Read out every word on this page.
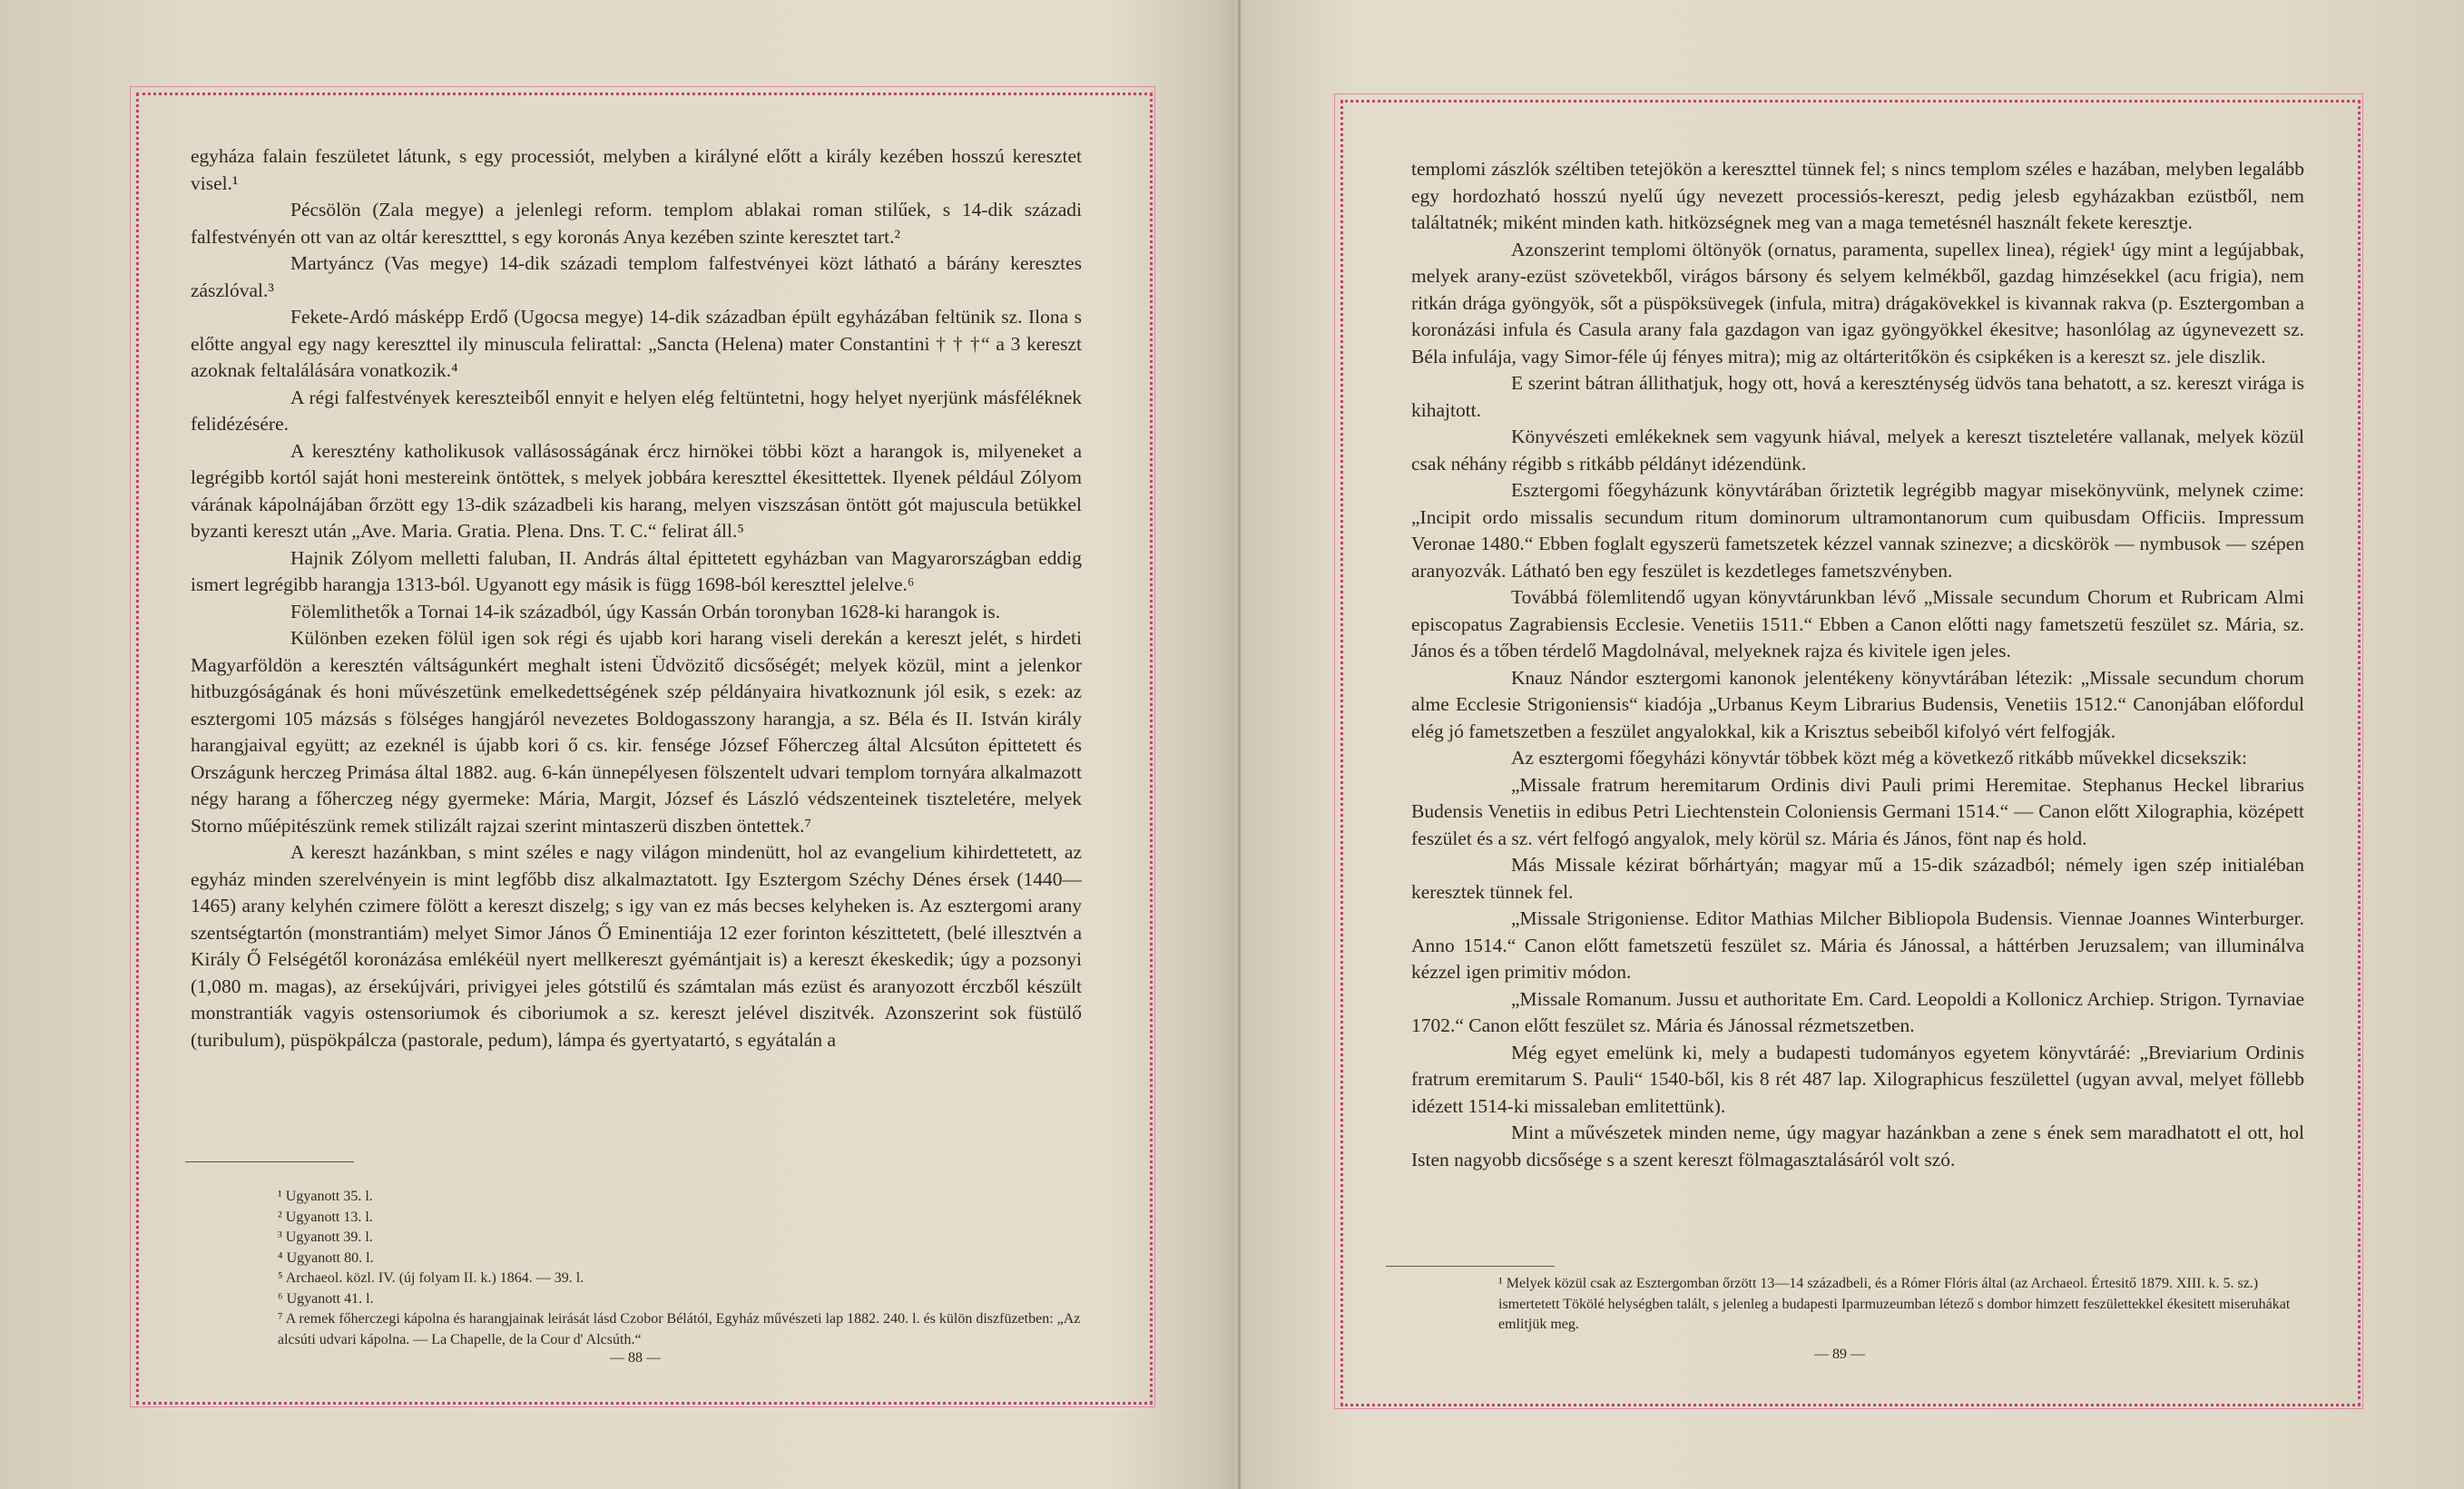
egyháza falain feszületet látunk, s egy processiót, melyben a királyné előtt a király kezében hosszú keresztet visel.¹

Pécsölön (Zala megye) a jelenlegi reform. templom ablakai roman stilűek, s 14-dik századi falfestvényén ott van az oltár keresztttel, s egy koronás Anya kezében szinte keresztet tart.²

Martyáncz (Vas megye) 14-dik századi templom falfestvényei közt látható a bárány keresztes zászlóval.³

Fekete-Ardó másképp Erdő (Ugocsa megye) 14-dik században épült egyházában feltünik sz. Ilona s előtte angyal egy nagy kereszttel ily minuscula felirattal: „Sancta (Helena) mater Constantini † † †“ a 3 kereszt azoknak feltalálására vonatkozik.⁴

A régi falfestvények kereszteiből ennyit e helyen elég feltüntetni, hogy helyet nyerjünk másféléknek felidézésére.

A keresztény katholikusok vallásosságának ércz hirnökei többi közt a harangok is, milyeneket a legrégibb kortól saját honi mestereink öntöttek, s melyek jobbára kereszttel ékesittettek. Ilyenek például Zólyom várának kápolnájában őrzött egy 13-dik századbeli kis harang, melyen viszszásan öntött gót majuscula betükkel byzanti kereszt után „Ave. Maria. Gratia. Plena. Dns. T. C.“ felirat áll.⁵

Hajnik Zólyom melletti faluban, II. András által épittetett egyházban van Magyarországban eddig ismert legrégibb harangja 1313-ból. Ugyanott egy másik is függ 1698-ból kereszttel jelelve.⁶

Fölemlithetők a Tornai 14-ik századból, úgy Kassán Orbán toronyban 1628-ki harangok is.

Különben ezeken fölül igen sok régi és ujabb kori harang viseli derekán a kereszt jelét, s hirdeti Magyarföldön a keresztén váltságunkért meghalt isteni Üdvözitő dicsőségét; melyek közül, mint a jelenkor hitbuzgóságának és honi művészetünk emelkedettségének szép példányaira hivatkoznunk jól esik, s ezek: az esztergomi 105 mázsás s fölséges hangjáról nevezetes Boldogasszony harangja, a sz. Béla és II. István király harangjaival együtt; az ezeknél is újabb kori ő cs. kir. fensége József Főherczeg által Alcsúton épittetett és Országunk herczeg Primása által 1882. aug. 6-kán ünnepélyesen fölszentelt udvari templom tornyára alkalmazott négy harang a főherczeg négy gyermeke: Mária, Margit, József és László védszenteinek tiszteletére, melyek Storno műépitészünk remek stilizált rajzai szerint mintaszerü diszben öntettek.⁷

A kereszt hazánkban, s mint széles e nagy világon mindenütt, hol az evangelium kihirdettetett, az egyház minden szerelvényein is mint legfőbb disz alkalmaztatott. Igy Esztergom Széchy Dénes érsek (1440—1465) arany kelyhén czimere fölött a kereszt diszelg; s igy van ez más becses kelyheken is. Az esztergomi arany szentségtartón (monstrantiám) melyet Simor János Ő Eminentiája 12 ezer forinton készittetett, (belé illesztvén a Király Ő Felségétől koronázása emlékéül nyert mellkereszt gyémántjait is) a kereszt ékeskedik; úgy a pozsonyi (1,080 m. magas), az érsekújvári, privigyei jeles gótstilű és számtalan más ezüst és aranyozott érczből készült monstrantiák vagyis ostensoriumok és ciboriumok a sz. kereszt jelével diszitvék. Azonszerint sok füstülő (turibulum), püspökpálcza (pastorale, pedum), lámpa és gyertyatartó, s egyátalán a

¹ Ugyanott 35. l.
² Ugyanott 13. l.
³ Ugyanott 39. l.
⁴ Ugyanott 80. l.
⁵ Archaeol. közl. IV. (új folyam II. k.) 1864. — 39. l.
⁶ Ugyanott 41. l.
⁷ A remek főherczegi kápolna és harangjainak leirását lásd Czobor Bélától, Egyház művészeti lap 1882. 240. l. és külön diszfüzetben: „Az alcsúti udvari kápolna. — La Chapelle, de la Cour d' Alcsúth.“
— 88 —

templomi zászlók széltiben tetejökön a kereszttel tünnek fel; s nincs templom széles e hazában, melyben legalább egy hordozható hosszú nyelű úgy nevezett processiós-kereszt, pedig jelesb egyházakban ezüstből, nem találtatnék; miként minden kath. hitközségnek meg van a maga temetésnél használt fekete keresztje.

Azonszerint templomi öltönyök (ornatus, paramenta, supellex linea), régiek¹ úgy mint a legújabbak, melyek arany-ezüst szövetekből, virágos bársony és selyem kelmékből, gazdag himzésekkel (acu frigia), nem ritkán drága gyöngyök, sőt a püspöksüvegek (infula, mitra) drágakövekkel is kivannak rakva (p. Esztergomban a koronázási infula és Casula arany fala gazdagon van igaz gyöngyökkel ékesitve; hasonlólag az úgynevezett sz. Béla infulája, vagy Simor-féle új fényes mitra); mig az oltárteritőkön és csipkéken is a kereszt sz. jele diszlik.

E szerint bátran állithatjuk, hogy ott, hová a kereszténység üdvös tana behatott, a sz. kereszt virága is kihajtott.

Könyvészeti emlékeknek sem vagyunk hiával, melyek a kereszt tiszteletére vallanak, melyek közül csak néhány régibb s ritkább példányt idézendünk.

Esztergomi főegyházunk könyvtárában őriztetik legrégibb magyar misekönyvünk, melynek czime: „Incipit ordo missalis secundum ritum dominorum ultramontanorum cum quibusdam Officiis. Impressum Veronae 1480.“ Ebben foglalt egyszerü fametszetek kézzel vannak szinezve; a dicskörök — nymbusok — szépen aranyozvák. Látható ben egy feszület is kezdetleges fametszvényben.

Továbbá fölemlitendő ugyan könyvtárunkban lévő „Missale secundum Chorum et Rubricam Almi episcopatus Zagrabiensis Ecclesie. Venetiis 1511.“ Ebben a Canon előtti nagy fametszetü feszület sz. Mária, sz. János és a tőben térdelő Magdolnával, melyeknek rajza és kivitele igen jeles.

Knauz Nándor esztergomi kanonok jelentékeny könyvtárában létezik: „Missale secundum chorum alme Ecclesie Strigoniensis“ kiadója „Urbanus Keym Librarius Budensis, Venetiis 1512.“ Canonjában előfordul elég jó fametszetben a feszület angyalokkal, kik a Krisztus sebeiből kifolyó vért felfogják.

Az esztergomi főegyházi könyvtár többek közt még a következő ritkább művekkel dicsekszik:

„Missale fratrum heremitarum Ordinis divi Pauli primi Heremitae. Stephanus Heckel librarius Budensis Venetiis in edibus Petri Liechtenstein Coloniensis Germani 1514.“ — Canon előtt Xilographia, középett feszület és a sz. vért felfogó angyalok, mely körül sz. Mária és János, fönt nap és hold.

Más Missale kézirat bőrhártyán; magyar mű a 15-dik századból; némely igen szép initialéban keresztek tünnek fel.

„Missale Strigoniense. Editor Mathias Milcher Bibliopola Budensis. Viennae Joannes Winterburger. Anno 1514.“ Canon előtt fametszetü feszület sz. Mária és Jánossal, a háttérben Jeruzsalem; van illuminálva kézzel igen primitiv módon.

„Missale Romanum. Jussu et authoritate Em. Card. Leopoldi a Kollonicz Archiep. Strigon. Tyrnaviae 1702.“ Canon előtt feszület sz. Mária és Jánossal rézmetszetben.

Még egyet emelünk ki, mely a budapesti tudományos egyetem könyvtáráé: „Breviarium Ordinis fratrum eremitarum S. Pauli“ 1540-ből, kis 8 rét 487 lap. Xilographicus feszülettel (ugyan avval, melyet föllebb idézett 1514-ki missaleban emlitettünk).

Mint a művészetek minden neme, úgy magyar hazánkban a zene s ének sem maradhatott el ott, hol Isten nagyobb dicsősége s a szent kereszt fölmagasztalásáról volt szó.

¹ Melyek közül csak az Esztergomban őrzött 13—14 századbeli, és a Rómer Flóris által (az Archaeol. Értesitő 1879. XIII. k. 5. sz.) ismertetett Tökölé helységben talált, s jelenleg a budapesti Iparmuzeumban létező s dombor himzett feszülettekkel ékesitett miseruhákat emlitjük meg.
— 89 —
